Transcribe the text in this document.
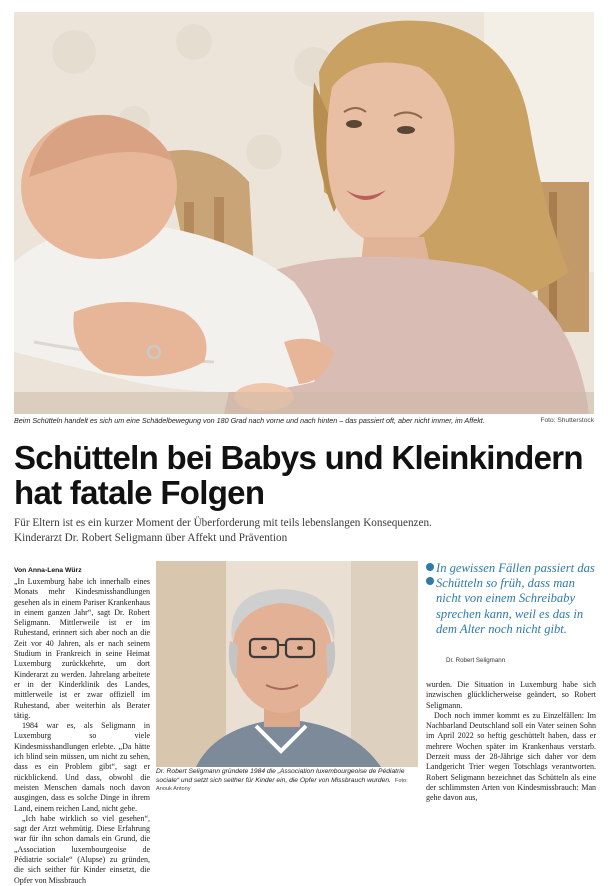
Beim Schütteln handelt es sich um eine Schädelbewegung von 180 Grad nach vorne und nach hinten – das passiert oft, aber nicht immer, im Affekt.	Foto: Shutterstock
Schütteln bei Babys und Kleinkindern
hat fatale Folgen
Für Eltern ist es ein kurzer Moment der Überforderung mit teils lebenslangen Konsequenzen.
Kinderarzt Dr. Robert Seligmann über Affekt und Prävention
Von Anna-Lena Würz

„In Luxemburg habe ich innerhalb eines Monats mehr Kindesmisshandlungen gesehen als in einem Pariser Krankenhaus in einem ganzen Jahr“, sagt Dr. Robert Seligmann. Mittlerweile ist er im Ruhestand, erinnert sich aber noch an die Zeit vor 40 Jahren, als er nach seinem Studium in Frankreich in seine Heimat Luxemburg zurückkehrte, um dort Kinderarzt zu werden. Jahrelang arbeitete er in der Kinderklinik des Landes, mittlerweile ist er zwar offiziell im Ruhestand, aber weiterhin als Berater tätig.

1984 war es, als Seligmann in Luxemburg so viele Kindesmisshandlungen erlebte. „Da hätte ich blind sein müssen, um nicht zu sehen, dass es ein Problem gibt“, sagt er rückblickend. Und dass, obwohl die meisten Menschen damals noch davon ausgingen, dass es solche Dinge in ihrem Land, einem reichen Land, nicht gebe.

„Ich habe wirklich so viel gesehen“, sagt der Arzt wehmütig. Diese Erfahrung war für ihn schon damals ein Grund, die „Association luxembourgeoise de Pédiatrie sociale“ (Alupse) zu gründen, die sich seither für Kinder einsetzt, die Opfer von Missbrauch

Dr. Robert Seligmann gründete 1984 die „Association luxembourgeoise de Pédiatrie sociale“ und setzt sich seither für Kinder ein, die Opfer von Missbrauch wurden. Foto: Anouk Antony
In gewissen Fällen passiert das Schütteln so früh, dass man nicht von einem Schreibaby sprechen kann, weil es das in dem Alter noch nicht gibt.
Dr. Robert Seligmann

wurden. Die Situation in Luxemburg habe sich inzwischen glücklicherweise geändert, so Robert Seligmann.

Doch noch immer kommt es zu Einzelfällen: Im Nachbarland Deutschland soll ein Vater seinen Sohn im April 2022 so heftig geschüttelt haben, dass er mehrere Wochen später im Krankenhaus verstarb. Derzeit muss der 28-Jährige sich daher vor dem Landgericht Trier wegen Totschlags verantworten. Robert Seligmann bezeichnet das Schütteln als eine der schlimmsten Arten von Kindesmissbrauch: Man gehe davon aus,
